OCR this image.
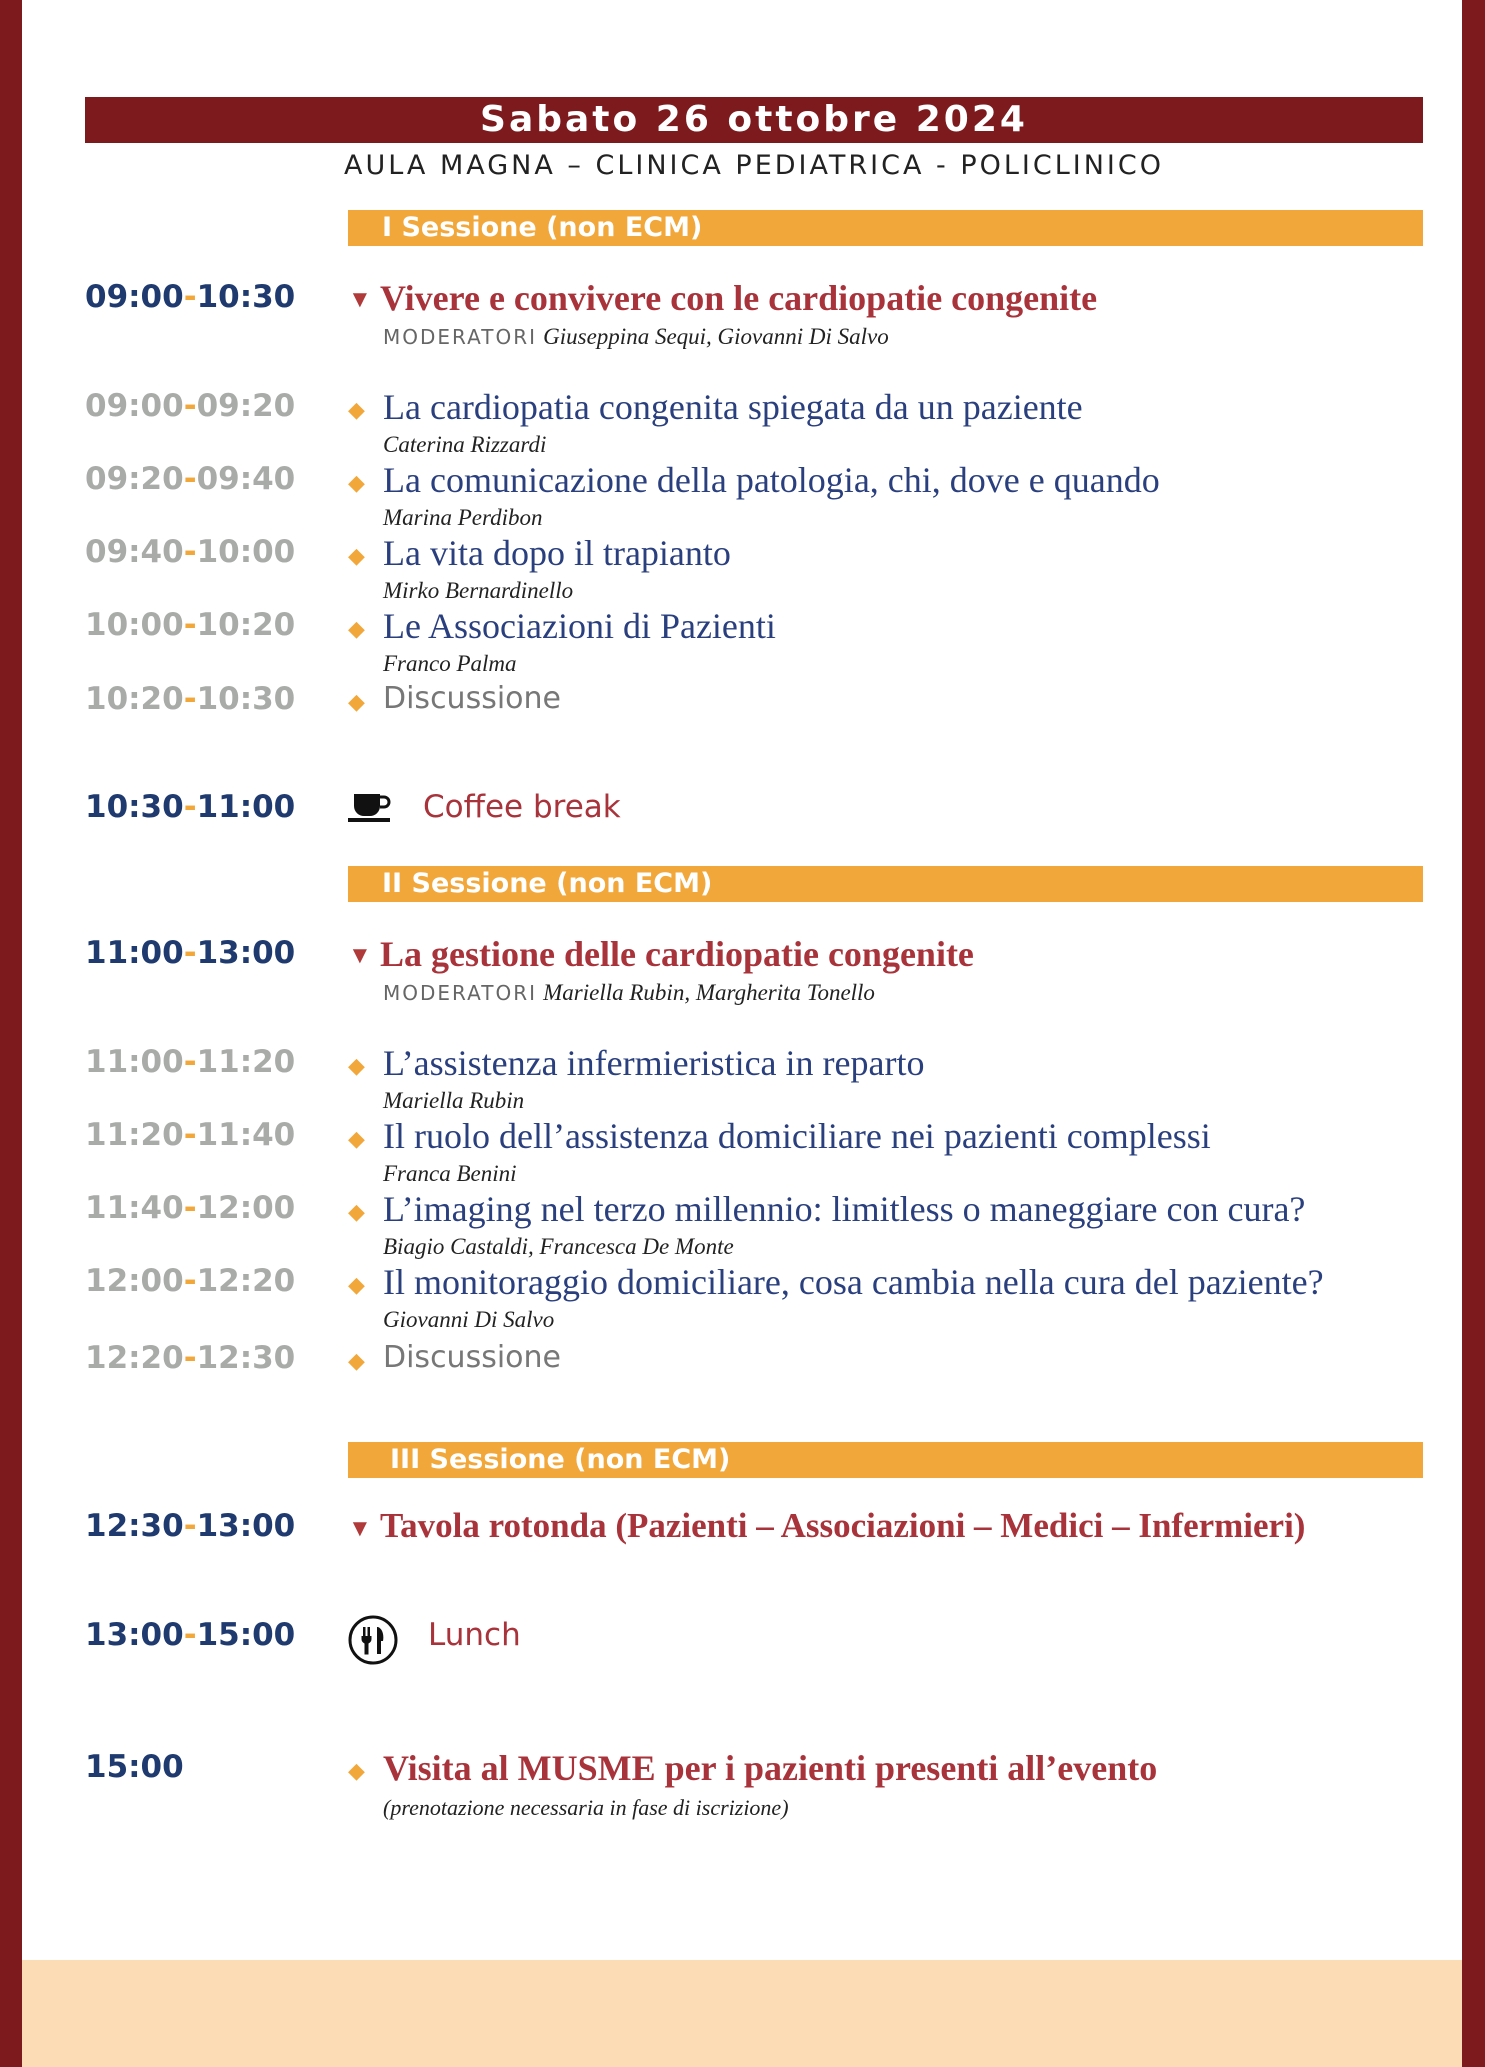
Sabato 26 ottobre 2024
AULA MAGNA – CLINICA PEDIATRICA - POLICLINICO
I Sessione (non ECM)
09:00-10:30 ▼ Vivere e convivere con le cardiopatie congenite
MODERATORI Giuseppina Sequi, Giovanni Di Salvo
09:00-09:20 ◆ La cardiopatia congenita spiegata da un paziente
Caterina Rizzardi
09:20-09:40 ◆ La comunicazione della patologia, chi, dove e quando
Marina Perdibon
09:40-10:00 ◆ La vita dopo il trapianto
Mirko Bernardinello
10:00-10:20 ◆ Le Associazioni di Pazienti
Franco Palma
10:20-10:30 ◆ Discussione
10:30-11:00	Coffee break
II Sessione (non ECM)
11:00-13:00 ▼ La gestione delle cardiopatie congenite
MODERATORI Mariella Rubin, Margherita Tonello
11:00-11:20 ◆ L’assistenza infermieristica in reparto
Mariella Rubin
11:20-11:40 ◆ Il ruolo dell’assistenza domiciliare nei pazienti complessi
Franca Benini
11:40-12:00 ◆ L’imaging nel terzo millennio: limitless o maneggiare con cura?
Biagio Castaldi, Francesca De Monte
12:00-12:20 ◆ Il monitoraggio domiciliare, cosa cambia nella cura del paziente?
Giovanni Di Salvo
12:20-12:30 ◆ Discussione
III Sessione (non ECM)
12:30-13:00 ▼ Tavola rotonda (Pazienti – Associazioni – Medici – Infermieri)
13:00-15:00	Lunch
15:00	◆ Visita al MUSME per i pazienti presenti all’evento
(prenotazione necessaria in fase di iscrizione)
